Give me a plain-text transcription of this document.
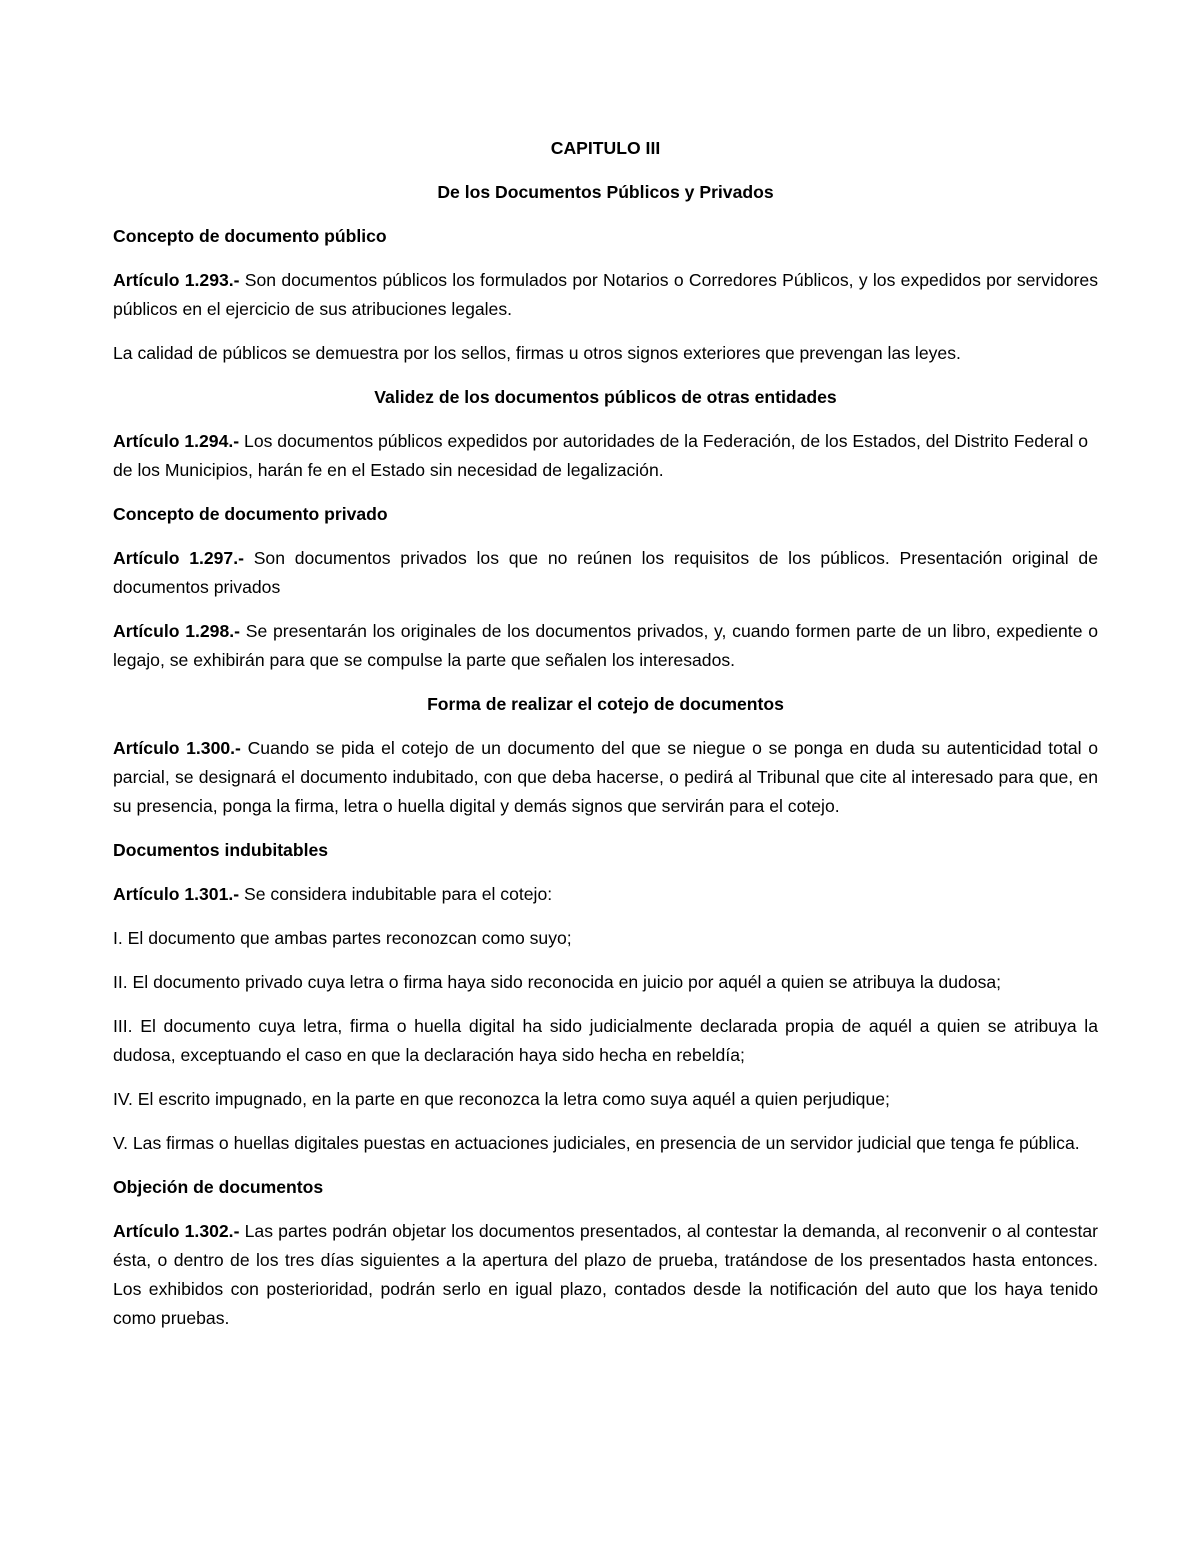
CAPITULO III

De los Documentos Públicos y Privados

Concepto de documento público

Artículo 1.293.- Son documentos públicos los formulados por Notarios o Corredores Públicos, y los expedidos por servidores públicos en el ejercicio de sus atribuciones legales.

La calidad de públicos se demuestra por los sellos, firmas u otros signos exteriores que prevengan las leyes.

Validez de los documentos públicos de otras entidades

Artículo 1.294.- Los documentos públicos expedidos por autoridades de la Federación, de los Estados, del Distrito Federal o de los Municipios, harán fe en el Estado sin necesidad de legalización.

Concepto de documento privado

Artículo 1.297.- Son documentos privados los que no reúnen los requisitos de los públicos. Presentación original de documentos privados

Artículo 1.298.- Se presentarán los originales de los documentos privados, y, cuando formen parte de un libro, expediente o legajo, se exhibirán para que se compulse la parte que señalen los interesados.

Forma de realizar el cotejo de documentos

Artículo 1.300.- Cuando se pida el cotejo de un documento del que se niegue o se ponga en duda su autenticidad total o parcial, se designará el documento indubitado, con que deba hacerse, o pedirá al Tribunal que cite al interesado para que, en su presencia, ponga la firma, letra o huella digital y demás signos que servirán para el cotejo.

Documentos indubitables

Artículo 1.301.- Se considera indubitable para el cotejo:

I. El documento que ambas partes reconozcan como suyo;

II. El documento privado cuya letra o firma haya sido reconocida en juicio por aquél a quien se atribuya la dudosa;

III. El documento cuya letra, firma o huella digital ha sido judicialmente declarada propia de aquél a quien se atribuya la dudosa, exceptuando el caso en que la declaración haya sido hecha en rebeldía;

IV. El escrito impugnado, en la parte en que reconozca la letra como suya aquél a quien perjudique;

V. Las firmas o huellas digitales puestas en actuaciones judiciales, en presencia de un servidor judicial que tenga fe pública.

Objeción de documentos

Artículo 1.302.- Las partes podrán objetar los documentos presentados, al contestar la demanda, al reconvenir o al contestar ésta, o dentro de los tres días siguientes a la apertura del plazo de prueba, tratándose de los presentados hasta entonces. Los exhibidos con posterioridad, podrán serlo en igual plazo, contados desde la notificación del auto que los haya tenido como pruebas.
